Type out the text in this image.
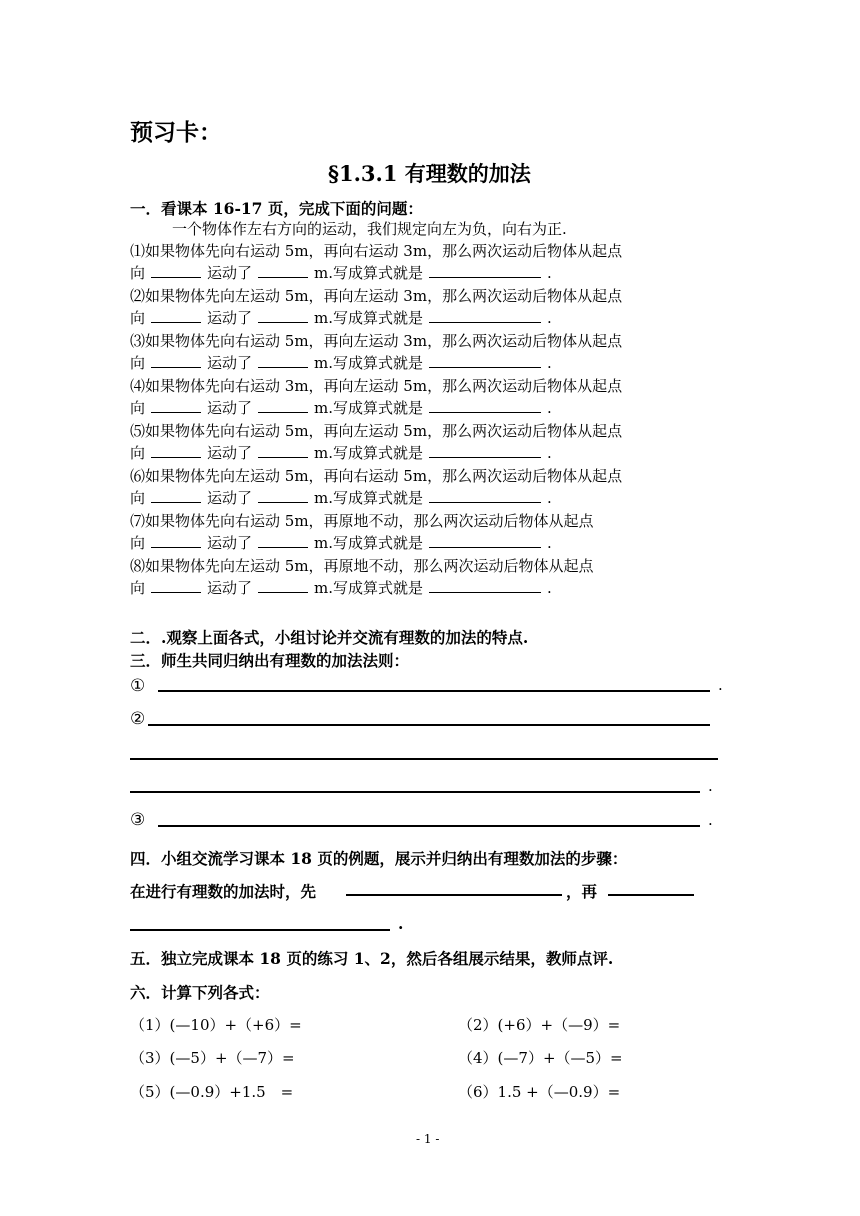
预习卡：
§1.3.1 有理数的加法
一．看课本 16-17 页，完成下面的问题：
一个物体作左右方向的运动，我们规定向左为负，向右为正.
⑴如果物体先向右运动 5m，再向右运动 3m，那么两次运动后物体从起点
向	运动了	m.写成算式就是	.
⑵如果物体先向左运动 5m，再向左运动 3m，那么两次运动后物体从起点
向	运动了	m.写成算式就是	.
⑶如果物体先向右运动 5m，再向左运动 3m，那么两次运动后物体从起点
向	运动了	m.写成算式就是	.
⑷如果物体先向右运动 3m，再向左运动 5m，那么两次运动后物体从起点
向	运动了	m.写成算式就是	.
⑸如果物体先向右运动 5m，再向左运动 5m，那么两次运动后物体从起点
向	运动了	m.写成算式就是	.
⑹如果物体先向左运动 5m，再向右运动 5m，那么两次运动后物体从起点
向	运动了	m.写成算式就是	.
⑺如果物体先向右运动 5m，再原地不动，那么两次运动后物体从起点
向	运动了	m.写成算式就是	.
⑻如果物体先向左运动 5m，再原地不动，那么两次运动后物体从起点
向	运动了	m.写成算式就是	.
二．.观察上面各式，小组讨论并交流有理数的加法的特点.
三．师生共同归纳出有理数的加法法则：
①	.
②
.
③	.
四．小组交流学习课本 18 页的例题，展示并归纳出有理数加法的步骤：
在进行有理数的加法时，先	，再
.
五．独立完成课本 18 页的练习 1、2，然后各组展示结果，教师点评.
六．计算下列各式：
（1）(—10）+（+6）=	（2）(+6）+（—9）=
（3）(—5）+（—7）=	（4）(—7）+（—5）=
（5）(—0.9）+1.5　=	（6）1.5 +（—0.9）=
- 1 -
